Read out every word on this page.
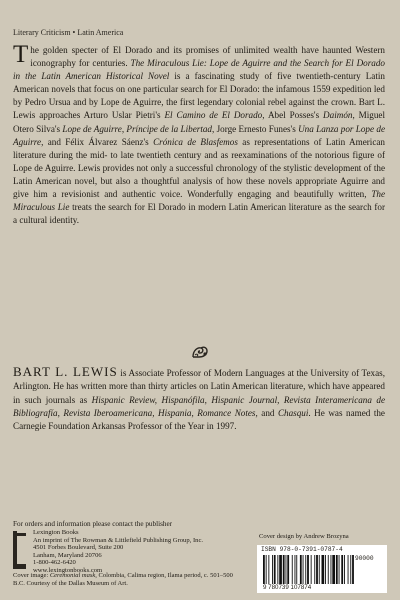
Literary Criticism • Latin America

The golden specter of El Dorado and its promises of unlimited wealth have haunted Western iconography for centuries. The Miraculous Lie: Lope de Aguirre and the Search for El Dorado in the Latin American Historical Novel is a fascinating study of five twentieth-century Latin American novels that focus on one particular search for El Dorado: the infamous 1559 expedition led by Pedro Ursua and by Lope de Aguirre, the first legendary colonial rebel against the crown. Bart L. Lewis approaches Arturo Uslar Pietri's El Camino de El Dorado, Abel Posses's Daimón, Miguel Otero Silva's Lope de Aguirre, Príncipe de la Libertad, Jorge Ernesto Funes's Una Lanza por Lope de Aguirre, and Félix Álvarez Sáenz's Crónica de Blasfemos as representations of Latin American literature during the mid- to late twentieth century and as reexaminations of the notorious figure of Lope de Aguirre. Lewis provides not only a successful chronology of the stylistic development of the Latin American novel, but also a thoughtful analysis of how these novels appropriate Aguirre and give him a revisionist and authentic voice. Wonderfully engaging and beautifully written, The Miraculous Lie treats the search for El Dorado in modern Latin American literature as the search for a cultural identity.

BART L. LEWIS is Associate Professor of Modern Languages at the University of Texas, Arlington. He has written more than thirty articles on Latin American literature, which have appeared in such journals as Hispanic Review, Hispanófila, Hispanic Journal, Revista Interamericana de Bibliografía, Revista Iberoamericana, Hispania, Romance Notes, and Chasqui. He was named the Carnegie Foundation Arkansas Professor of the Year in 1997.

For orders and information please contact the publisher
Lexington Books
An imprint of The Rowman & Littlefield Publishing Group, Inc.
4501 Forbes Boulevard, Suite 200
Lanham, Maryland 20706
1-800-462-6420
www.lexingtonbooks.com
Cover image: Ceremonial mask, Colombia, Calima region, Ilama period, c. 501–500 B.C. Courtesy of the Dallas Museum of Art.
Cover design by Andrew Brozyna
ISBN 978-0-7391-0787-4
90000
9 780739 107874
